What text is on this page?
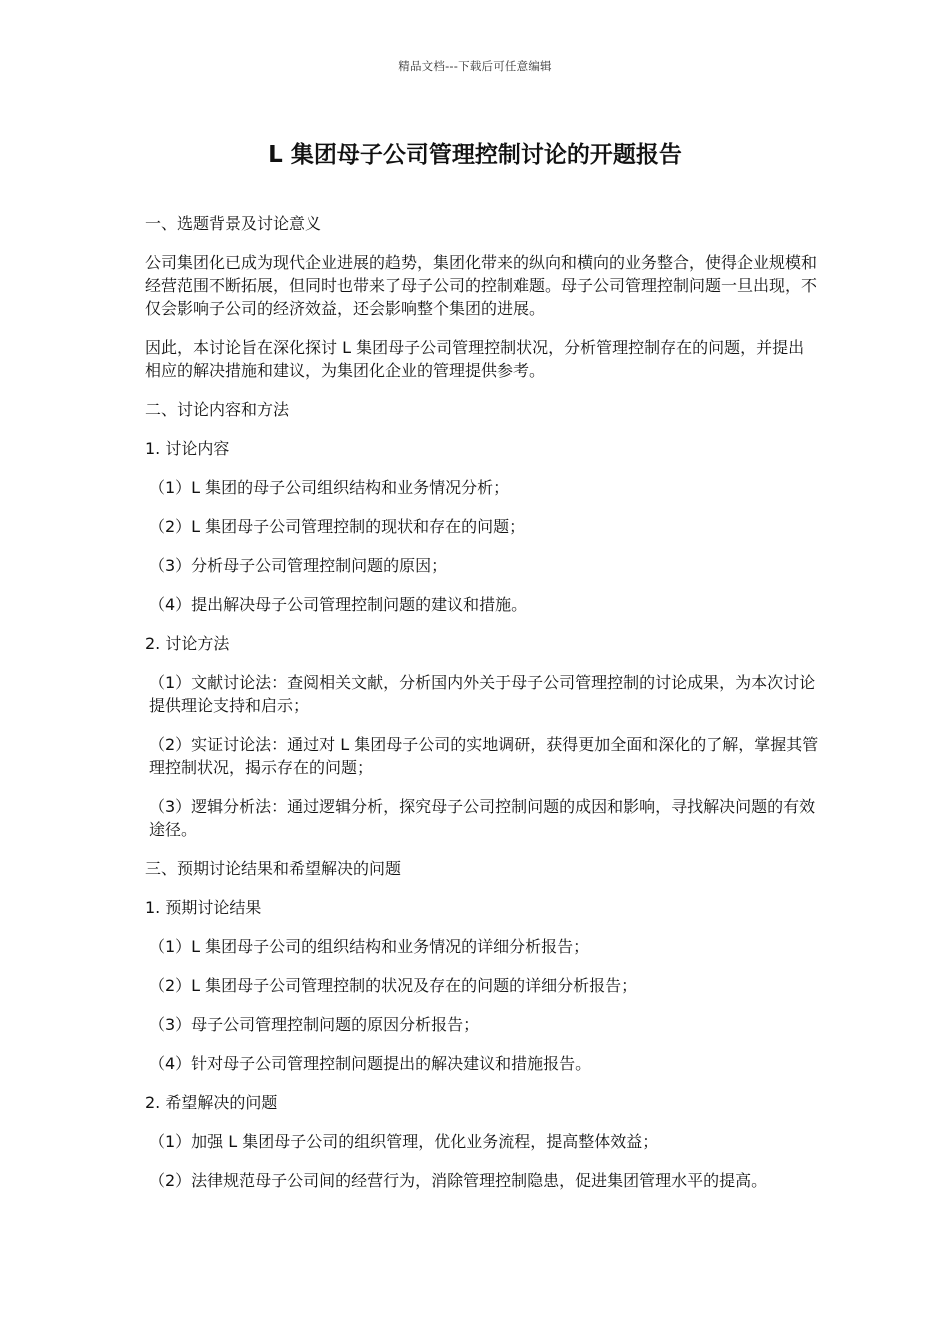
精品文档---下载后可任意编辑
L 集团母子公司管理控制讨论的开题报告
一、选题背景及讨论意义
公司集团化已成为现代企业进展的趋势，集团化带来的纵向和横向的业务整合，使得企业规模和经营范围不断拓展，但同时也带来了母子公司的控制难题。母子公司管理控制问题一旦出现，不仅会影响子公司的经济效益，还会影响整个集团的进展。
因此，本讨论旨在深化探讨 L 集团母子公司管理控制状况，分析管理控制存在的问题，并提出相应的解决措施和建议，为集团化企业的管理提供参考。
二、讨论内容和方法
1. 讨论内容
（1）L 集团的母子公司组织结构和业务情况分析；
（2）L 集团母子公司管理控制的现状和存在的问题；
（3）分析母子公司管理控制问题的原因；
（4）提出解决母子公司管理控制问题的建议和措施。
2. 讨论方法
（1）文献讨论法：查阅相关文献，分析国内外关于母子公司管理控制的讨论成果，为本次讨论提供理论支持和启示；
（2）实证讨论法：通过对 L 集团母子公司的实地调研，获得更加全面和深化的了解，掌握其管理控制状况，揭示存在的问题；
（3）逻辑分析法：通过逻辑分析，探究母子公司控制问题的成因和影响，寻找解决问题的有效途径。
三、预期讨论结果和希望解决的问题
1. 预期讨论结果
（1）L 集团母子公司的组织结构和业务情况的详细分析报告；
（2）L 集团母子公司管理控制的状况及存在的问题的详细分析报告；
（3）母子公司管理控制问题的原因分析报告；
（4）针对母子公司管理控制问题提出的解决建议和措施报告。
2. 希望解决的问题
（1）加强 L 集团母子公司的组织管理，优化业务流程，提高整体效益；
（2）法律规范母子公司间的经营行为，消除管理控制隐患，促进集团管理水平的提高。
